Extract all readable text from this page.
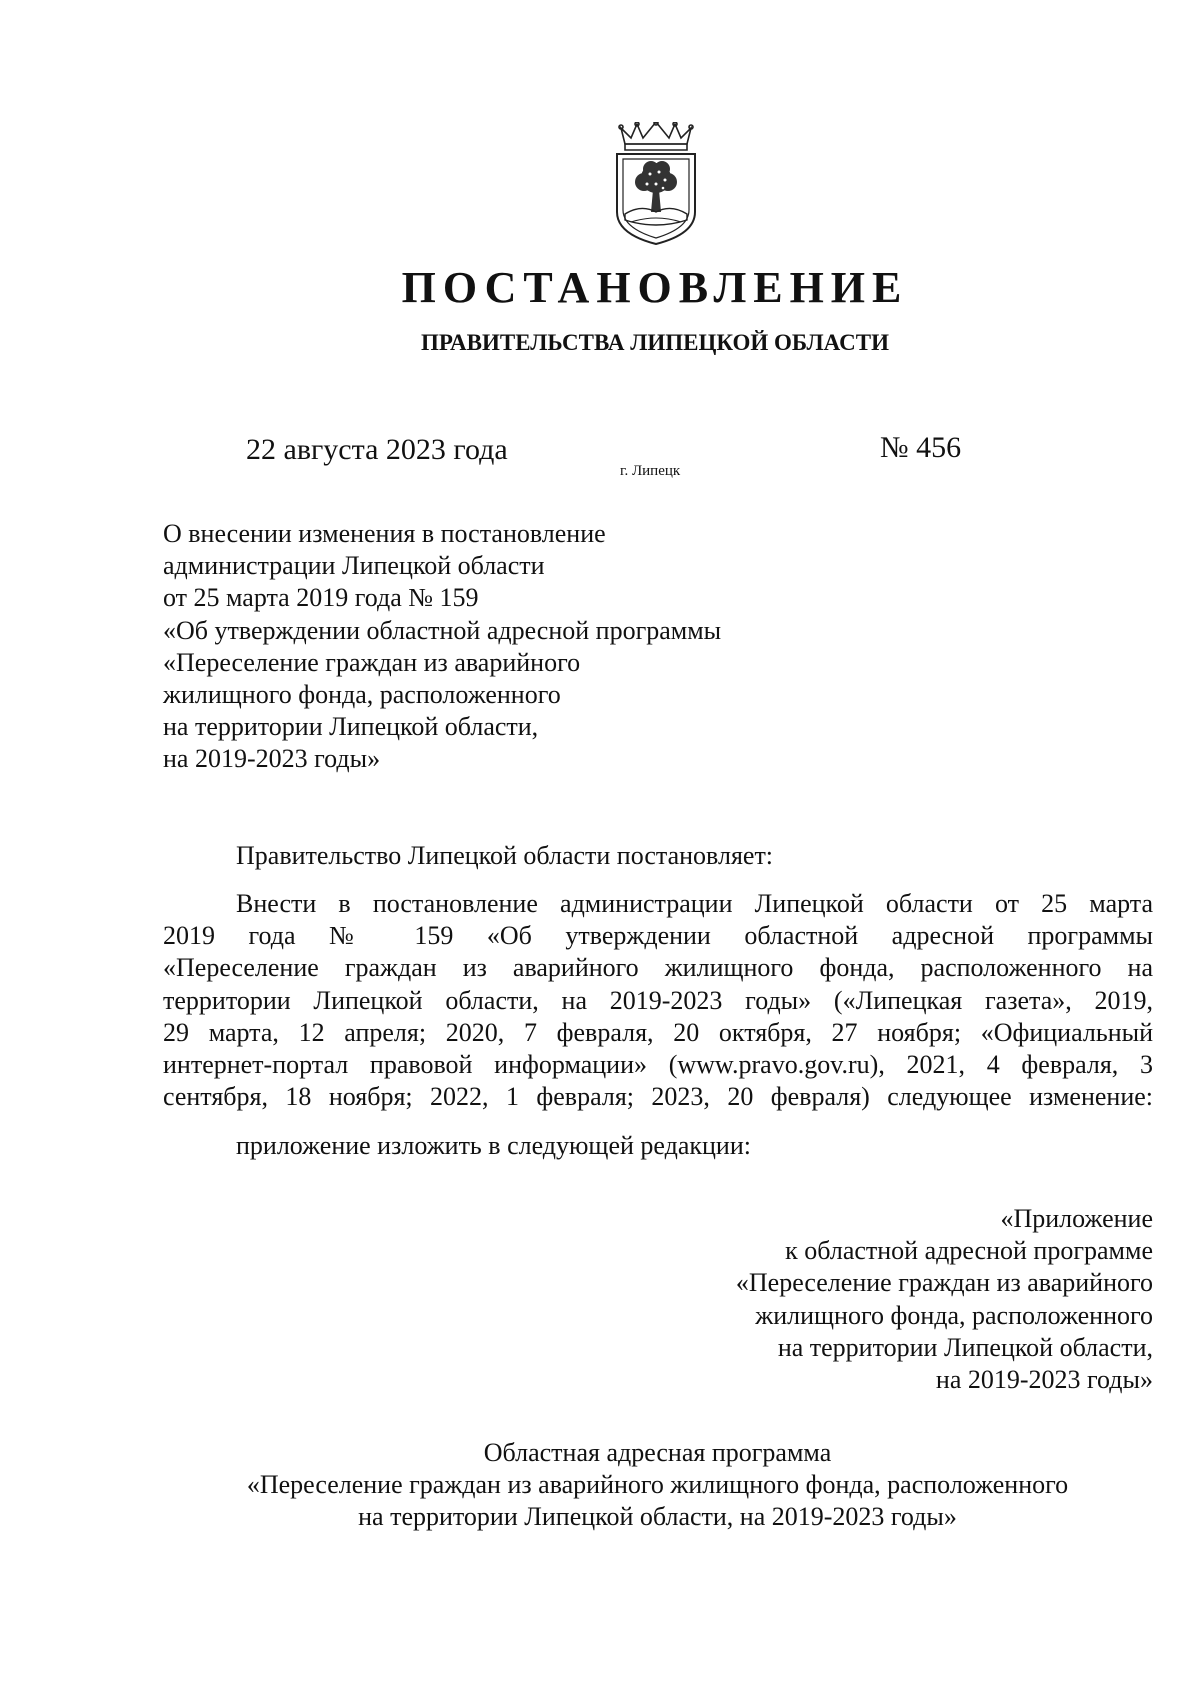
ПОСТАНОВЛЕНИЕ
ПРАВИТЕЛЬСТВА ЛИПЕЦКОЙ ОБЛАСТИ
22 августа 2023 года
г. Липецк
№ 456
О внесении изменения в постановление
администрации Липецкой области
от 25 марта 2019 года № 159
«Об утверждении областной адресной программы
«Переселение граждан из аварийного
жилищного фонда, расположенного
на территории Липецкой области,
на 2019-2023 годы»
Правительство Липецкой области постановляет:
Внести в постановление администрации Липецкой области от 25 марта
2019 года № 159 «Об утверждении областной адресной программы
«Переселение граждан из аварийного жилищного фонда, расположенного на
территории Липецкой области, на 2019-2023 годы» («Липецкая газета», 2019,
29 марта, 12 апреля; 2020, 7 февраля, 20 октября, 27 ноября; «Официальный
интернет-портал правовой информации» (www.pravo.gov.ru), 2021, 4 февраля, 3
сентября, 18 ноября; 2022, 1 февраля; 2023, 20 февраля) следующее изменение:
приложение изложить в следующей редакции:
«Приложение
к областной адресной программе
«Переселение граждан из аварийного
жилищного фонда, расположенного
на территории Липецкой области,
на 2019-2023 годы»
Областная адресная программа
«Переселение граждан из аварийного жилищного фонда, расположенного
на территории Липецкой области, на 2019-2023 годы»
